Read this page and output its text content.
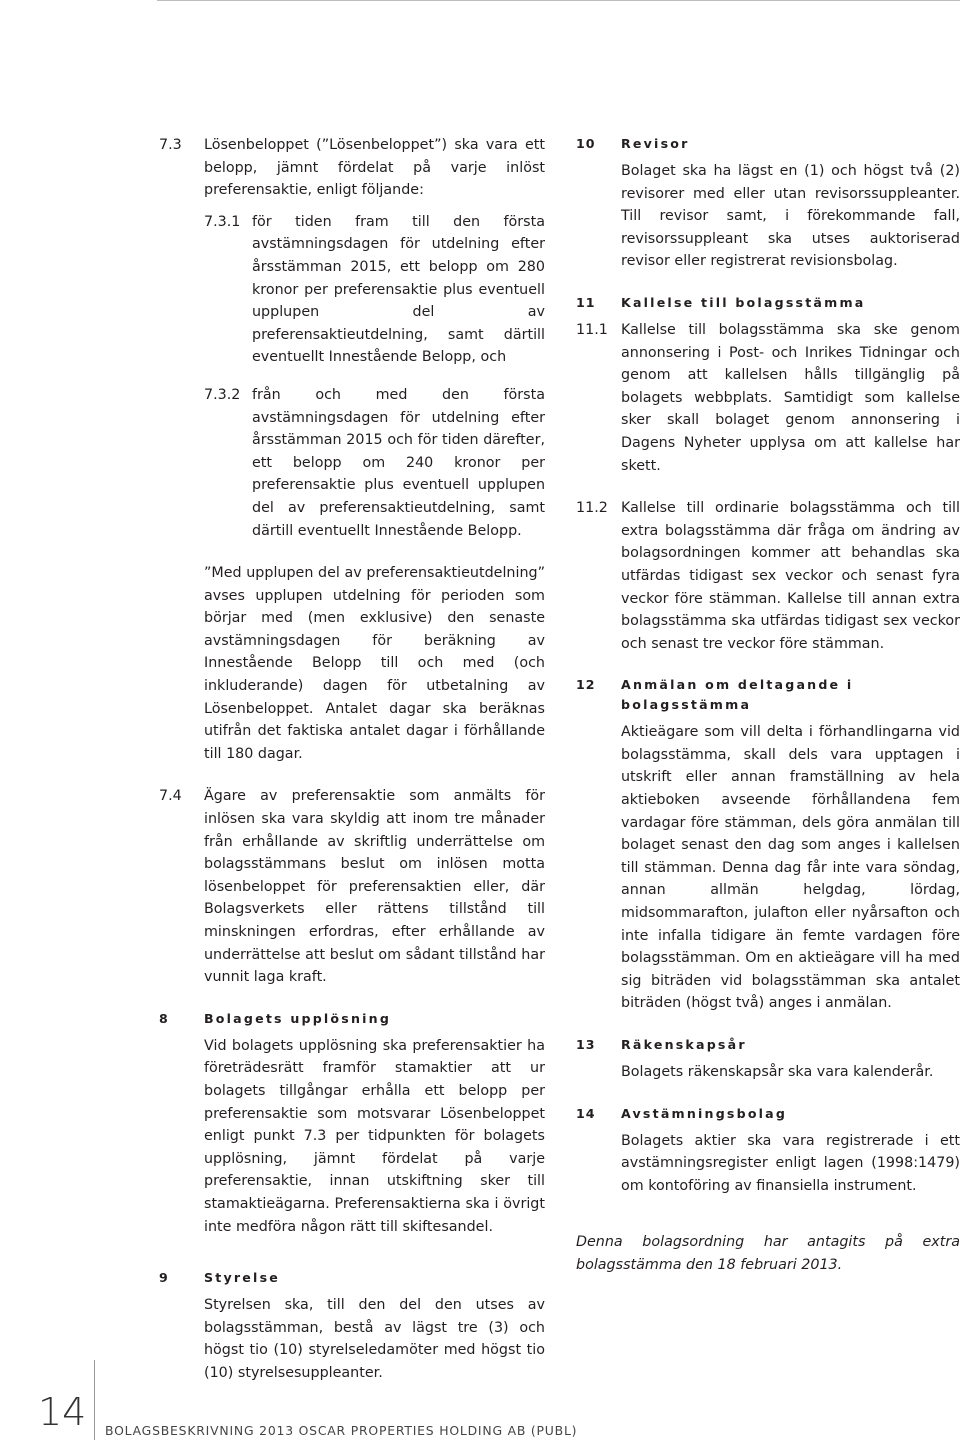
7.3 Lösenbeloppet (”Lösenbeloppet”) ska vara ett belopp, jämnt fördelat på varje inlöst preferensaktie, enligt följande:
7.3.1 för tiden fram till den första avstämningsdagen för utdelning efter årsstämman 2015, ett belopp om 280 kronor per preferensaktie plus eventuell upplupen del av preferensaktieutdelning, samt därtill eventuellt Innestående Belopp, och
7.3.2 från och med den första avstämningsdagen för utdelning efter årsstämman 2015 och för tiden därefter, ett belopp om 240 kronor per preferensaktie plus eventuell upplupen del av preferensaktieutdelning, samt därtill eventuellt Innestående Belopp.
”Med upplupen del av preferensaktieutdelning” avses upplupen utdelning för perioden som börjar med (men exklusive) den senaste avstämningsdagen för beräkning av Innestående Belopp till och med (och inkluderande) dagen för utbetalning av Lösenbeloppet. Antalet dagar ska beräknas utifrån det faktiska antalet dagar i förhållande till 180 dagar.
7.4 Ägare av preferensaktie som anmälts för inlösen ska vara skyldig att inom tre månader från erhållande av skriftlig underrättelse om bolagsstämmans beslut om inlösen motta lösenbeloppet för preferensaktien eller, där Bolagsverkets eller rättens tillstånd till minskningen erfordras, efter erhållande av underrättelse att beslut om sådant tillstånd har vunnit laga kraft.
8	Bolagets upplösning
Vid bolagets upplösning ska preferensaktier ha företrädesrätt framför stamaktier att ur bolagets tillgångar erhålla ett belopp per preferensaktie som motsvarar Lösenbeloppet enligt punkt 7.3 per tidpunkten för bolagets upplösning, jämnt fördelat på varje preferensaktie, innan utskiftning sker till stamaktieägarna. Preferensaktierna ska i övrigt inte medföra någon rätt till skiftesandel.
9	Styrelse
Styrelsen ska, till den del den utses av bolagsstämman, bestå av lägst tre (3) och högst tio (10) styrelseledamöter med högst tio (10) styrelsesuppleanter.
10 Revisor
Bolaget ska ha lägst en (1) och högst två (2) revisorer med eller utan revisorssuppleanter. Till revisor samt, i förekommande fall, revisorssuppleant ska utses auktoriserad revisor eller registrerat revisionsbolag.
11 Kallelse till bolagsstämma
11.1 Kallelse till bolagsstämma ska ske genom annonsering i Post- och Inrikes Tidningar och genom att kallelsen hålls tillgänglig på bolagets webbplats. Samtidigt som kallelse sker skall bolaget genom annonsering i Dagens Nyheter upplysa om att kallelse har skett.
11.2 Kallelse till ordinarie bolagsstämma och till extra bolagsstämma där fråga om ändring av bolagsordningen kommer att behandlas ska utfärdas tidigast sex veckor och senast fyra veckor före stämman. Kallelse till annan extra bolagsstämma ska utfärdas tidigast sex veckor och senast tre veckor före stämman.
12 Anmälan om deltagande i bolagsstämma
Aktieägare som vill delta i förhandlingarna vid bolagsstämma, skall dels vara upptagen i utskrift eller annan framställning av hela aktieboken avseende förhållandena fem vardagar före stämman, dels göra anmälan till bolaget senast den dag som anges i kallelsen till stämman. Denna dag får inte vara söndag, annan allmän helgdag, lördag, midsommarafton, julafton eller nyårsafton och inte infalla tidigare än femte vardagen före bolagsstämman. Om en aktieägare vill ha med sig biträden vid bolagsstämman ska antalet biträden (högst två) anges i anmälan.
13 Räkenskapsår
Bolagets räkenskapsår ska vara kalenderår.
14 Avstämningsbolag
Bolagets aktier ska vara registrerade i ett avstämningsregister enligt lagen (1998:1479) om kontoföring av finansiella instrument.
Denna bolagsordning har antagits på extra bolagsstämma den 18 februari 2013.
14 BOLAGSBESKRIVNING 2013 OSCAR PROPERTIES HOLDING AB (PUBL)
